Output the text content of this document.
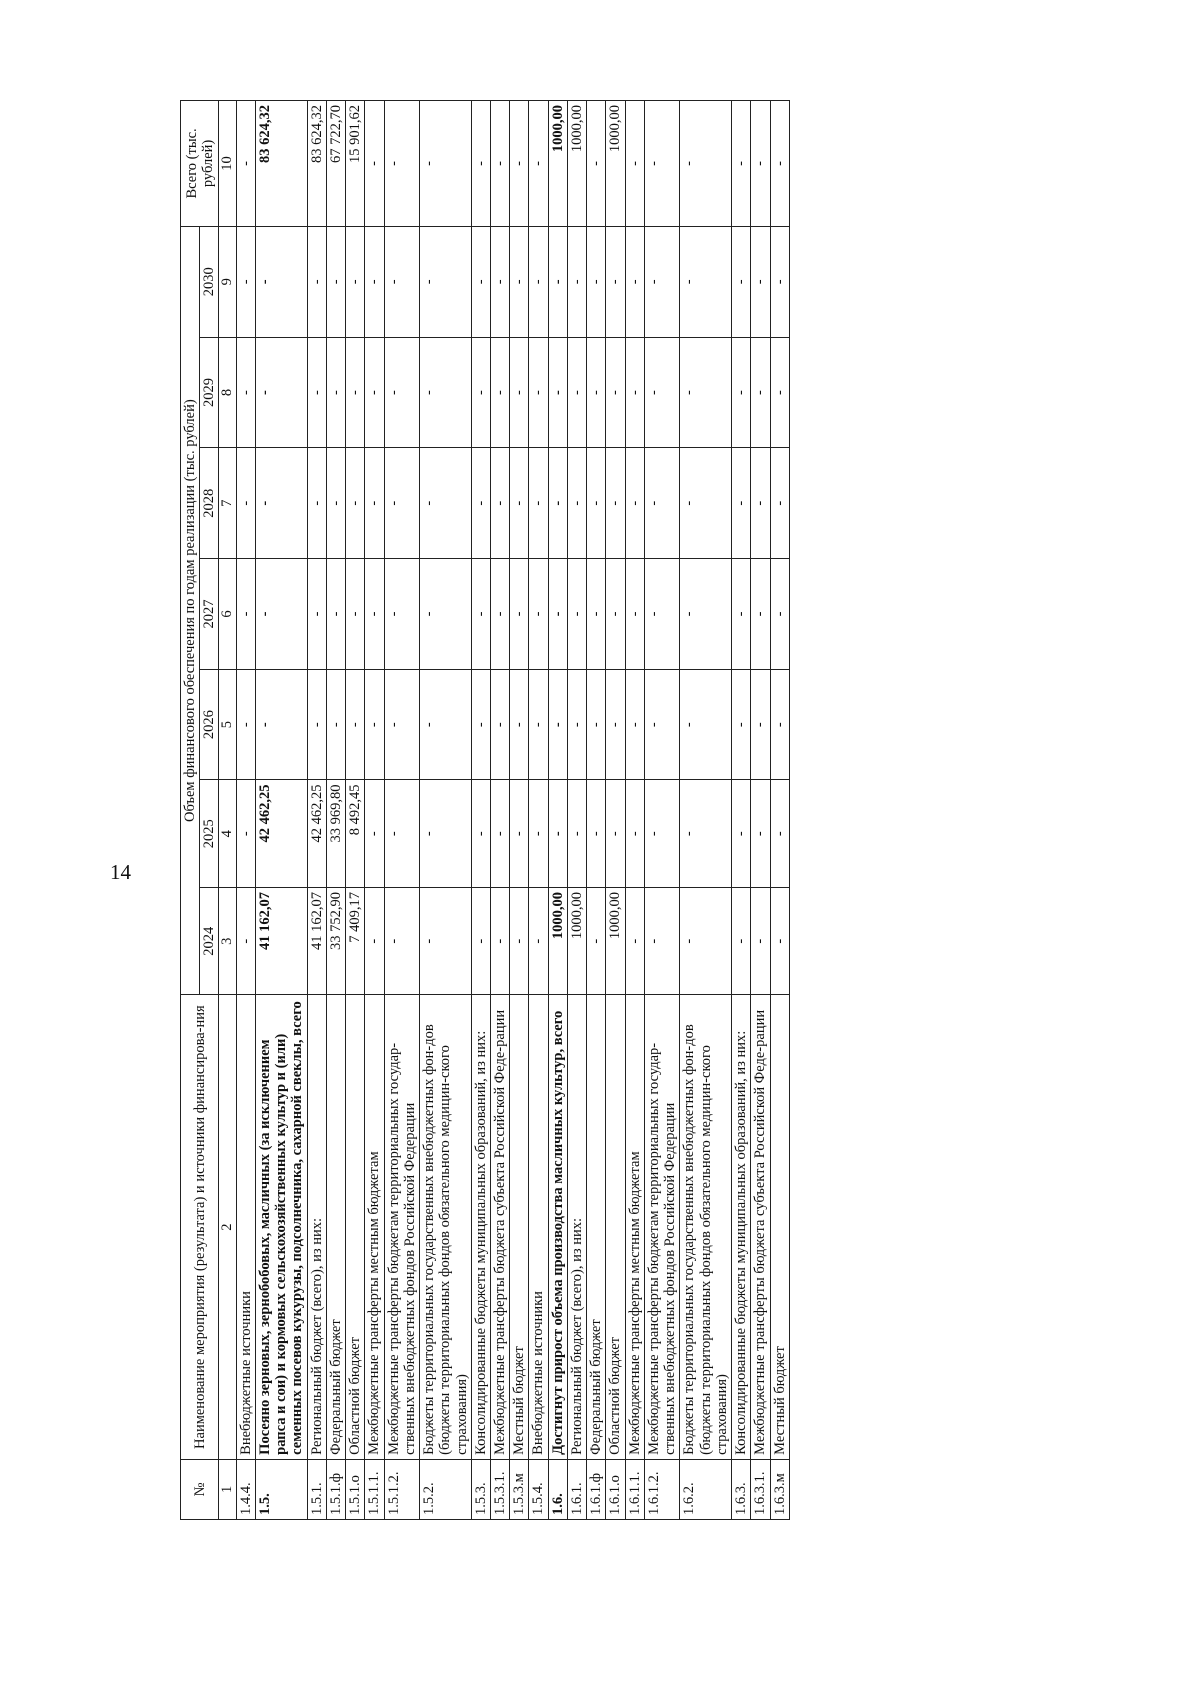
14
№	Наименование мероприятия (результата) и источники финансирова-ния	Объем финансового обеспечения по годам реализации (тыс. рублей)							Всего (тыс. рублей)
		2024	2025	2026	2027	2028	2029	2030	
1	2	3	4	5	6	7	8	9	10
1.4.4.	Внебюджетные источники	-	-	-	-	-	-	-	-
1.5.	Посеяно зерновых, зернобобовых, масличных (за исключением рапса и сои) и кормовых сельскохозяйственных культур и (или) семенных посевов кукурузы, подсолнечника, сахарной свеклы, всего	41 162,07	42 462,25	-	-	-	-	-	83 624,32
1.5.1.	Региональный бюджет (всего), из них:	41 162,07	42 462,25	-	-	-	-	-	83 624,32
1.5.1.ф	Федеральный бюджет	33 752,90	33 969,80	-	-	-	-	-	67 722,70
1.5.1.о	Областной бюджет	7 409,17	8 492,45	-	-	-	-	-	15 901,62
1.5.1.1.	Межбюджетные трансферты местным бюджетам	-	-	-	-	-	-	-	-
1.5.1.2.	Межбюджетные трансферты бюджетам территориальных государ-ственных внебюджетных фондов Российской Федерации	-	-	-	-	-	-	-	-
1.5.2.	Бюджеты территориальных государственных внебюджетных фон-дов (бюджеты территориальных фондов обязательного медицин-ского страхования)	-	-	-	-	-	-	-	-
1.5.3.	Консолидированные бюджеты муниципальных образований, из них:	-	-	-	-	-	-	-	-
1.5.3.1.	Межбюджетные трансферты бюджета субъекта Российской Феде-рации	-	-	-	-	-	-	-	-
1.5.3.м	Местный бюджет	-	-	-	-	-	-	-	-
1.5.4.	Внебюджетные источники	-	-	-	-	-	-	-	-
1.6.	Достигнут прирост объема производства масличных культур, всего	1000,00	-	-	-	-	-	-	1000,00
1.6.1.	Региональный бюджет (всего), из них:	1000,00	-	-	-	-	-	-	1000,00
1.6.1.ф	Федеральный бюджет	-	-	-	-	-	-	-	-
1.6.1.о	Областной бюджет	1000,00	-	-	-	-	-	-	1000,00
1.6.1.1.	Межбюджетные трансферты местным бюджетам	-	-	-	-	-	-	-	-
1.6.1.2.	Межбюджетные трансферты бюджетам территориальных государ-ственных внебюджетных фондов Российской Федерации	-	-	-	-	-	-	-	-
1.6.2.	Бюджеты территориальных государственных внебюджетных фон-дов (бюджеты территориальных фондов обязательного медицин-ского страхования)	-	-	-	-	-	-	-	-
1.6.3.	Консолидированные бюджеты муниципальных образований, из них:	-	-	-	-	-	-	-	-
1.6.3.1.	Межбюджетные трансферты бюджета субъекта Российской Феде-рации	-	-	-	-	-	-	-	-
1.6.3.м	Местный бюджет	-	-	-	-	-	-	-	-
